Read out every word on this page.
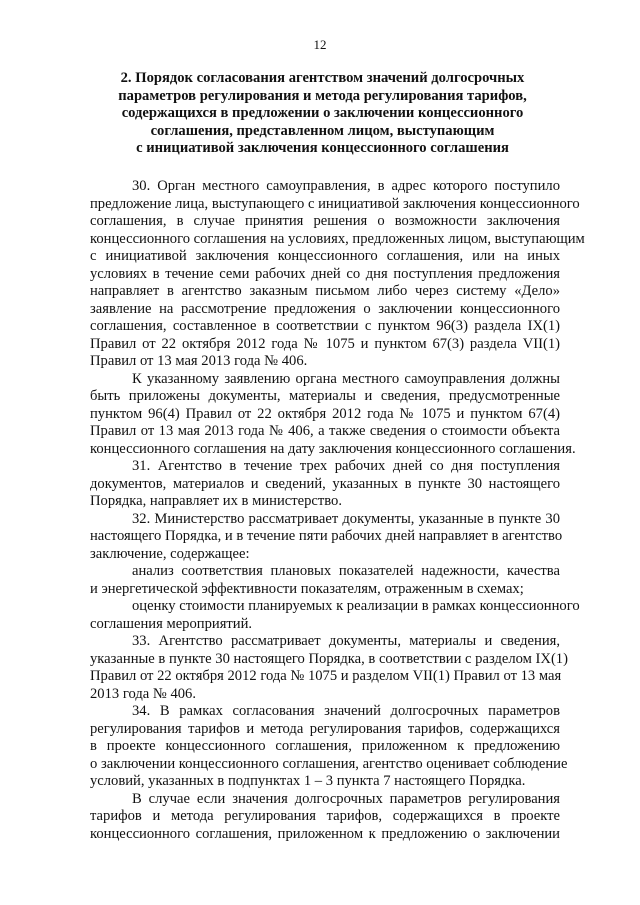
12
2. Порядок согласования агентством значений долгосрочных
параметров регулирования и метода регулирования тарифов,
содержащихся в предложении о заключении концессионного
соглашения, представленном лицом, выступающим
с инициативой заключения концессионного соглашения
30. Орган местного самоуправления, в адрес которого поступило
предложение лица, выступающего с инициативой заключения концессионного
соглашения, в случае принятия решения о возможности заключения
концессионного соглашения на условиях, предложенных лицом, выступающим
с инициативой заключения концессионного соглашения, или на иных
условиях в течение семи рабочих дней со дня поступления предложения
направляет в агентство заказным письмом либо через систему «Дело»
заявление на рассмотрение предложения о заключении концессионного
соглашения, составленное в соответствии с пунктом 96(3) раздела IX(1)
Правил от 22 октября 2012 года № 1075 и пунктом 67(3) раздела VII(1)
Правил от 13 мая 2013 года № 406.
К указанному заявлению органа местного самоуправления должны
быть приложены документы, материалы и сведения, предусмотренные
пунктом 96(4) Правил от 22 октября 2012 года № 1075 и пунктом 67(4)
Правил от 13 мая 2013 года № 406, а также сведения о стоимости объекта
концессионного соглашения на дату заключения концессионного соглашения.
31. Агентство в течение трех рабочих дней со дня поступления
документов, материалов и сведений, указанных в пункте 30 настоящего
Порядка, направляет их в министерство.
32. Министерство рассматривает документы, указанные в пункте 30
настоящего Порядка, и в течение пяти рабочих дней направляет в агентство
заключение, содержащее:
анализ соответствия плановых показателей надежности, качества
и энергетической эффективности показателям, отраженным в схемах;
оценку стоимости планируемых к реализации в рамках концессионного
соглашения мероприятий.
33. Агентство рассматривает документы, материалы и сведения,
указанные в пункте 30 настоящего Порядка, в соответствии с разделом IX(1)
Правил от 22 октября 2012 года № 1075 и разделом VII(1) Правил от 13 мая
2013 года № 406.
34. В рамках согласования значений долгосрочных параметров
регулирования тарифов и метода регулирования тарифов, содержащихся
в проекте концессионного соглашения, приложенном к предложению
о заключении концессионного соглашения, агентство оценивает соблюдение
условий, указанных в подпунктах 1 – 3 пункта 7 настоящего Порядка.
В случае если значения долгосрочных параметров регулирования
тарифов и метода регулирования тарифов, содержащихся в проекте
концессионного соглашения, приложенном к предложению о заключении
